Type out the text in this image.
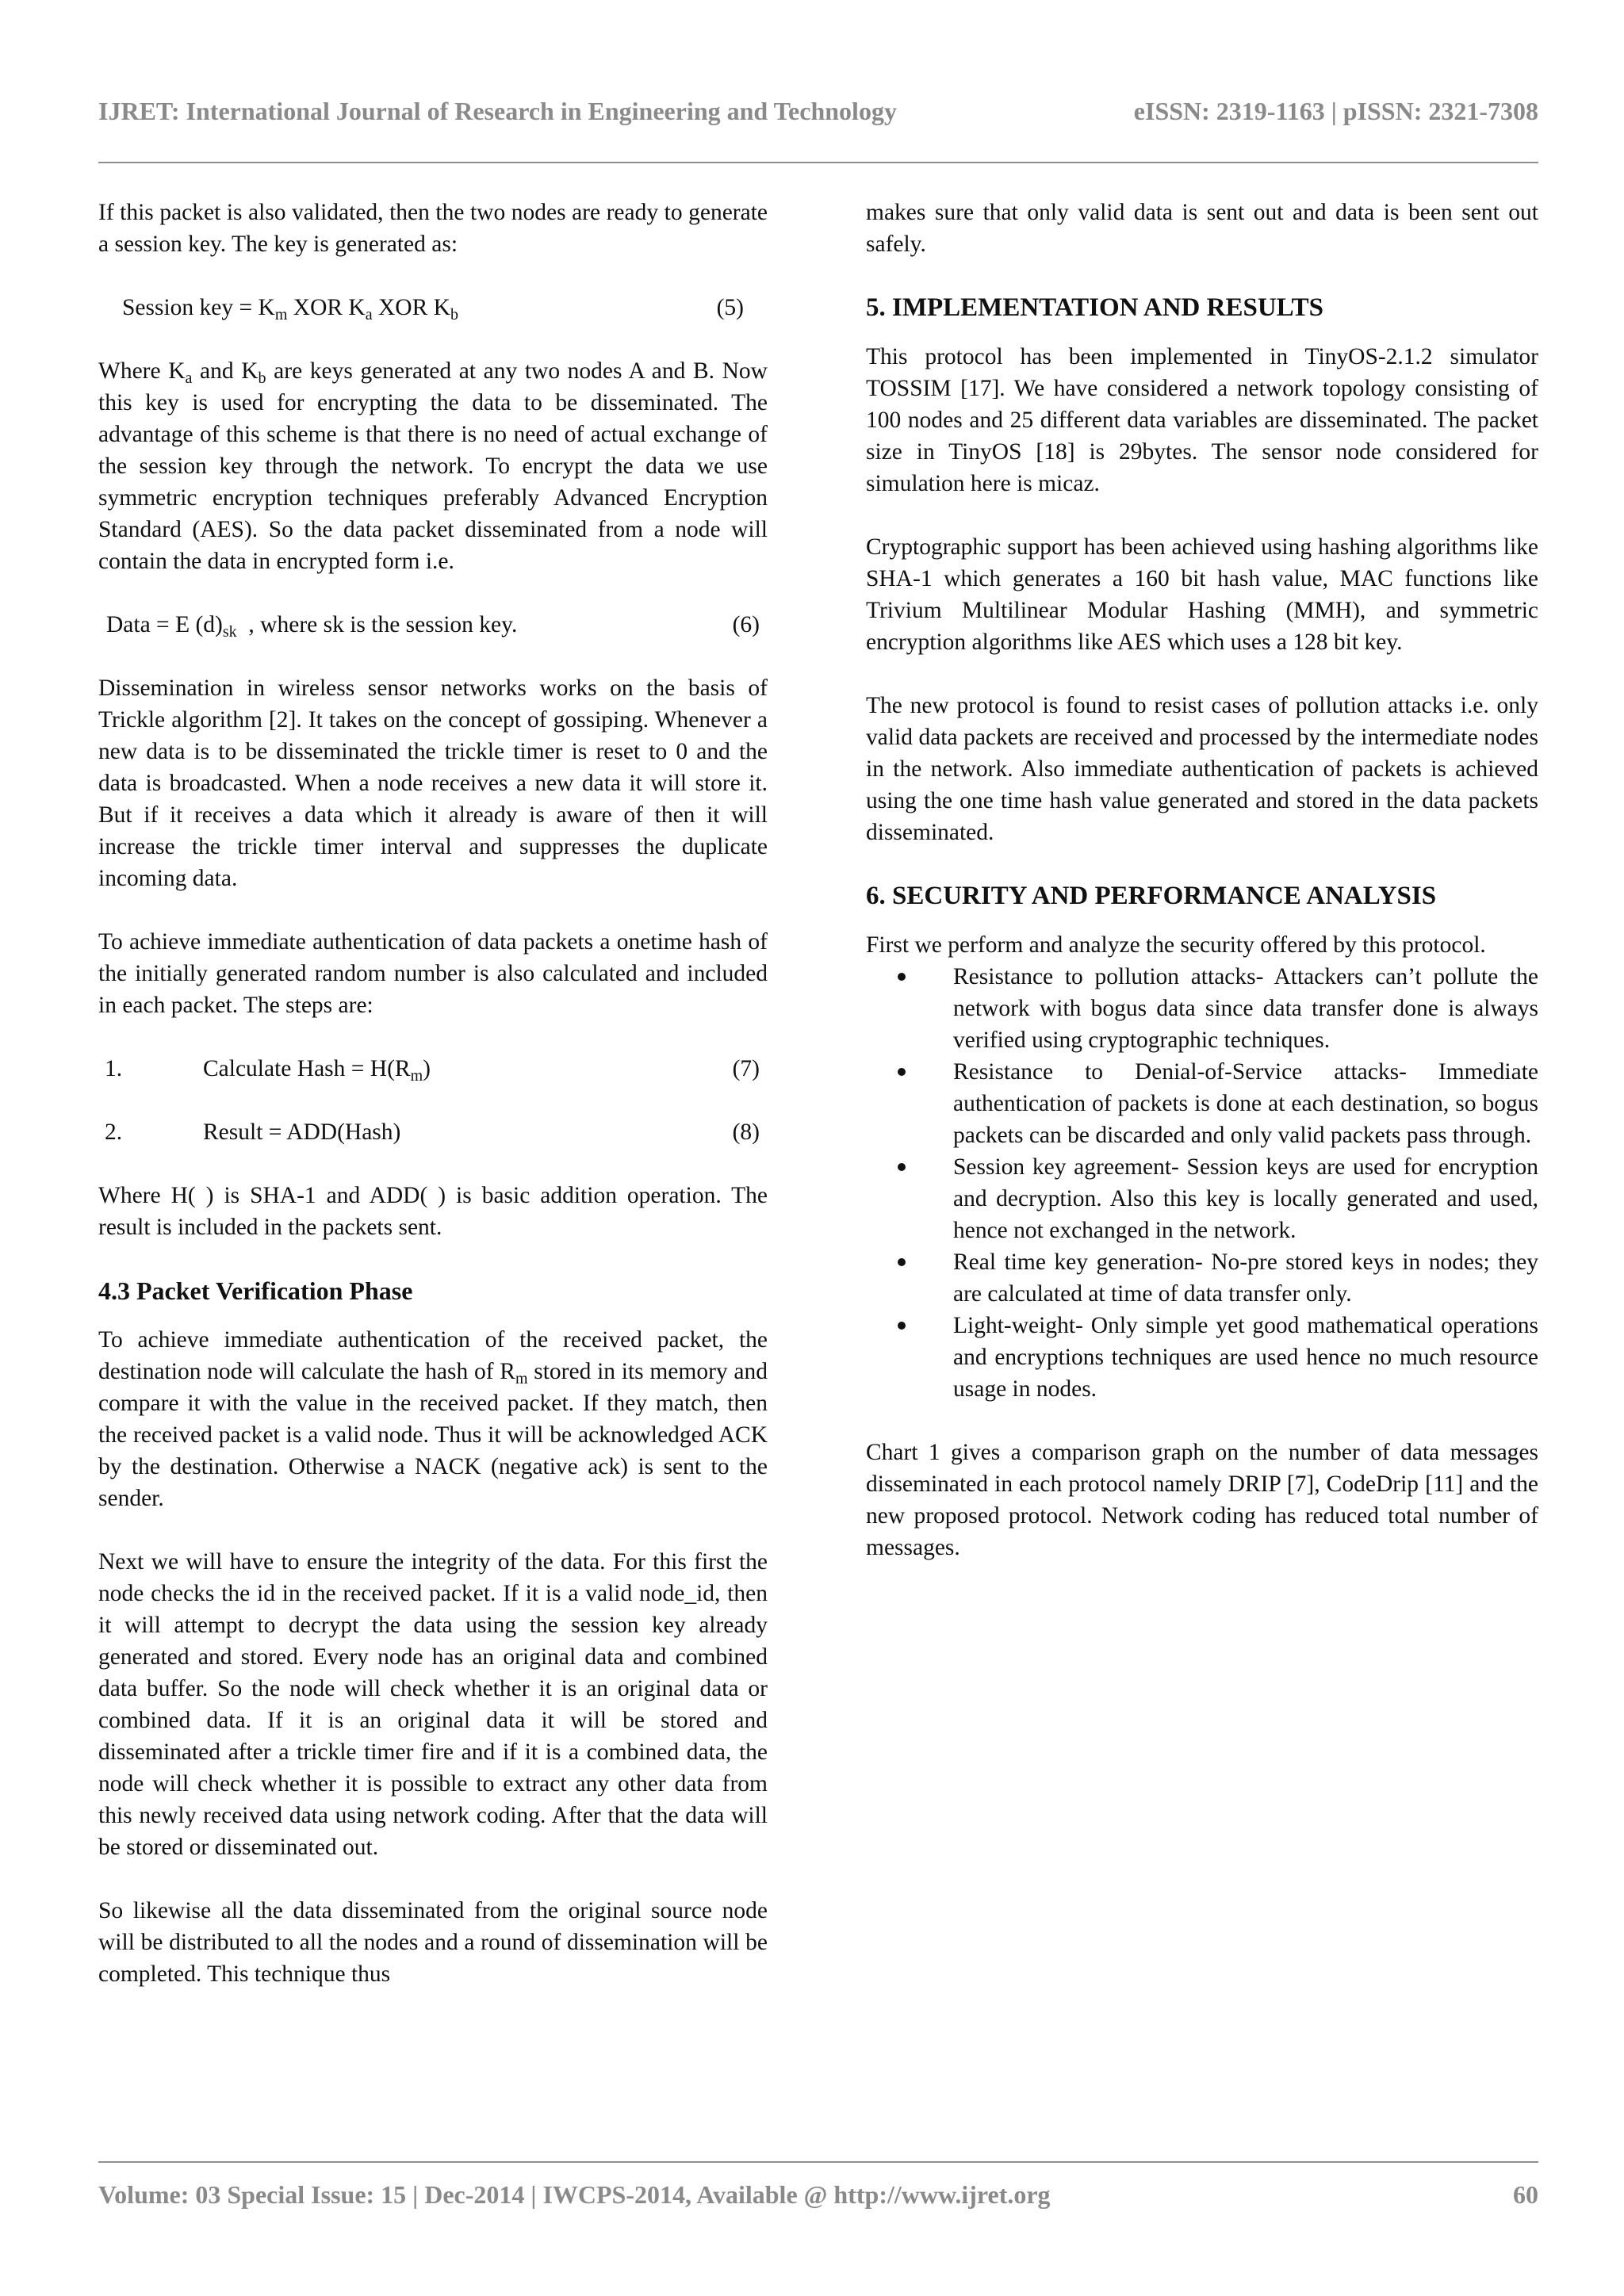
IJRET: International Journal of Research in Engineering and Technology	eISSN: 2319-1163 | pISSN: 2321-7308

If this packet is also validated, then the two nodes are ready to generate a session key. The key is generated as:

Session key = $K_m$ XOR $K_a$ XOR $K_b$	(5)

Where $K_a$ and $K_b$ are keys generated at any two nodes A and B. Now this key is used for encrypting the data to be disseminated. The advantage of this scheme is that there is no need of actual exchange of the session key through the network. To encrypt the data we use symmetric encryption techniques preferably Advanced Encryption Standard (AES). So the data packet disseminated from a node will contain the data in encrypted form i.e.

Data = E $(d)_{sk}$  , where sk is the session key.	(6)

Dissemination in wireless sensor networks works on the basis of Trickle algorithm [2]. It takes on the concept of gossiping. Whenever a new data is to be disseminated the trickle timer is reset to 0 and the data is broadcasted. When a node receives a new data it will store it. But if it receives a data which it already is aware of then it will increase the trickle timer interval and suppresses the duplicate incoming data.

To achieve immediate authentication of data packets a onetime hash of the initially generated random number is also calculated and included in each packet. The steps are:

1.	Calculate Hash = $H(R_m)$	(7)
2.	Result = ADD(Hash)	(8)

Where H( ) is SHA-1 and ADD( ) is basic addition operation. The result is included in the packets sent.

4.3 Packet Verification Phase

To achieve immediate authentication of the received packet, the destination node will calculate the hash of $R_m$ stored in its memory and compare it with the value in the received packet. If they match, then the received packet is a valid node. Thus it will be acknowledged ACK by the destination. Otherwise a NACK (negative ack) is sent to the sender.

Next we will have to ensure the integrity of the data. For this first the node checks the id in the received packet. If it is a valid node_id, then it will attempt to decrypt the data using the session key already generated and stored. Every node has an original data and combined data buffer. So the node will check whether it is an original data or combined data. If it is an original data it will be stored and disseminated after a trickle timer fire and if it is a combined data, the node will check whether it is possible to extract any other data from this newly received data using network coding. After that the data will be stored or disseminated out.

So likewise all the data disseminated from the original source node will be distributed to all the nodes and a round of dissemination will be completed. This technique thus

makes sure that only valid data is sent out and data is been sent out safely.

5. IMPLEMENTATION AND RESULTS

This protocol has been implemented in TinyOS-2.1.2 simulator TOSSIM [17]. We have considered a network topology consisting of 100 nodes and 25 different data variables are disseminated. The packet size in TinyOS [18] is 29bytes. The sensor node considered for simulation here is micaz.

Cryptographic support has been achieved using hashing algorithms like SHA-1 which generates a 160 bit hash value, MAC functions like Trivium Multilinear Modular Hashing (MMH), and symmetric encryption algorithms like AES which uses a 128 bit key.

The new protocol is found to resist cases of pollution attacks i.e. only valid data packets are received and processed by the intermediate nodes in the network. Also immediate authentication of packets is achieved using the one time hash value generated and stored in the data packets disseminated.

6. SECURITY AND PERFORMANCE ANALYSIS

First we perform and analyze the security offered by this protocol.

Resistance to pollution attacks- Attackers can’t pollute the network with bogus data since data transfer done is always verified using cryptographic techniques.
Resistance to Denial-of-Service attacks- Immediate authentication of packets is done at each destination, so bogus packets can be discarded and only valid packets pass through.
Session key agreement- Session keys are used for encryption and decryption. Also this key is locally generated and used, hence not exchanged in the network.
Real time key generation- No-pre stored keys in nodes; they are calculated at time of data transfer only.
Light-weight- Only simple yet good mathematical operations and encryptions techniques are used hence no much resource usage in nodes.

Chart 1 gives a comparison graph on the number of data messages disseminated in each protocol namely DRIP [7], CodeDrip [11] and the new proposed protocol. Network coding has reduced total number of messages.

Volume: 03 Special Issue: 15 | Dec-2014 | IWCPS-2014, Available @ http://www.ijret.org	60
